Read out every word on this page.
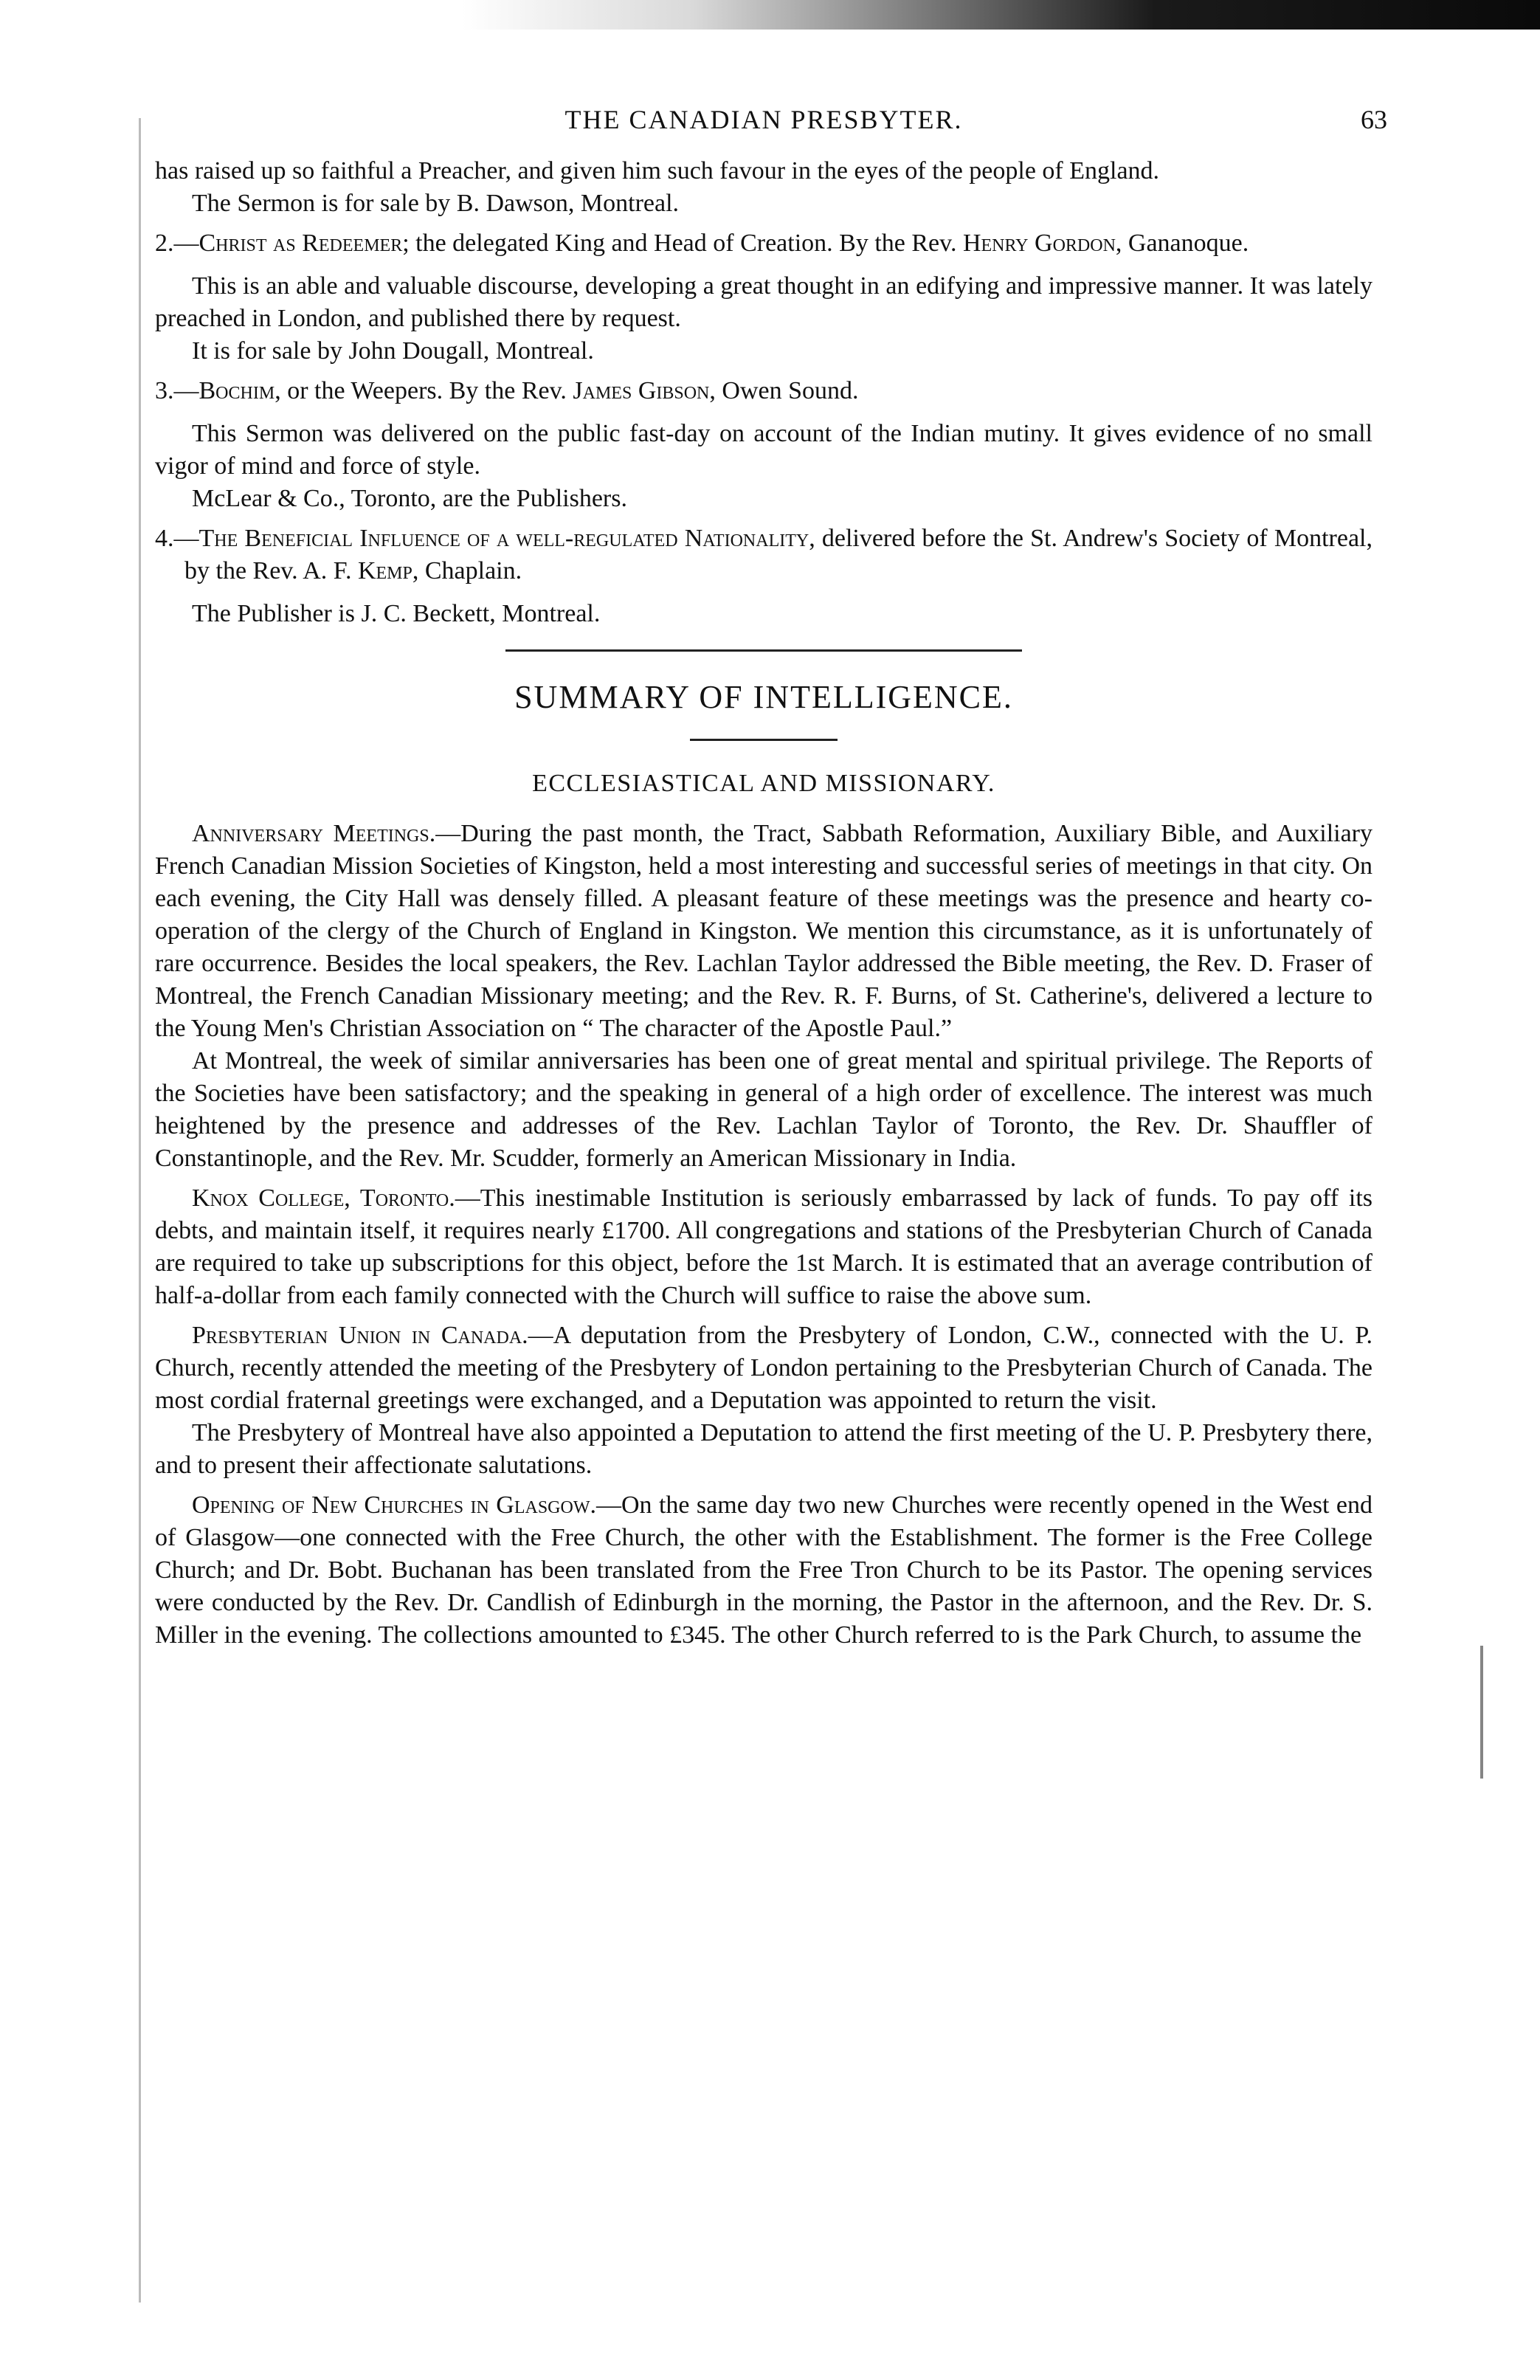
THE CANADIAN PRESBYTER.	63

has raised up so faithful a Preacher, and given him such favour in the eyes of the people of England.

The Sermon is for sale by B. Dawson, Montreal.

2.—Christ as Redeemer; the delegated King and Head of Creation. By the Rev. Henry Gordon, Gananoque.

This is an able and valuable discourse, developing a great thought in an edifying and impressive manner. It was lately preached in London, and published there by request.

It is for sale by John Dougall, Montreal.

3.—Bochim, or the Weepers. By the Rev. James Gibson, Owen Sound.

This Sermon was delivered on the public fast-day on account of the Indian mutiny. It gives evidence of no small vigor of mind and force of style.

McLear & Co., Toronto, are the Publishers.

4.—The Beneficial Influence of a well-regulated Nationality, delivered before the St. Andrew's Society of Montreal, by the Rev. A. F. Kemp, Chaplain.

The Publisher is J. C. Beckett, Montreal.

SUMMARY OF INTELLIGENCE.
ECCLESIASTICAL AND MISSIONARY.

Anniversary Meetings.—During the past month, the Tract, Sabbath Reformation, Auxiliary Bible, and Auxiliary French Canadian Mission Societies of Kingston, held a most interesting and successful series of meetings in that city. On each evening, the City Hall was densely filled. A pleasant feature of these meetings was the presence and hearty co-operation of the clergy of the Church of England in Kingston. We mention this circumstance, as it is unfortunately of rare occurrence. Besides the local speakers, the Rev. Lachlan Taylor addressed the Bible meeting, the Rev. D. Fraser of Montreal, the French Canadian Missionary meeting; and the Rev. R. F. Burns, of St. Catherine's, delivered a lecture to the Young Men's Christian Association on “ The character of the Apostle Paul.”

At Montreal, the week of similar anniversaries has been one of great mental and spiritual privilege. The Reports of the Societies have been satisfactory; and the speaking in general of a high order of excellence. The interest was much heightened by the presence and addresses of the Rev. Lachlan Taylor of Toronto, the Rev. Dr. Shauffler of Constantinople, and the Rev. Mr. Scudder, formerly an American Missionary in India.

Knox College, Toronto.—This inestimable Institution is seriously embarrassed by lack of funds. To pay off its debts, and maintain itself, it requires nearly £1700. All congregations and stations of the Presbyterian Church of Canada are required to take up subscriptions for this object, before the 1st March. It is estimated that an average contribution of half-a-dollar from each family connected with the Church will suffice to raise the above sum.

Presbyterian Union in Canada.—A deputation from the Presbytery of London, C.W., connected with the U. P. Church, recently attended the meeting of the Presbytery of London pertaining to the Presbyterian Church of Canada. The most cordial fraternal greetings were exchanged, and a Deputation was appointed to return the visit.

The Presbytery of Montreal have also appointed a Deputation to attend the first meeting of the U. P. Presbytery there, and to present their affectionate salutations.

Opening of New Churches in Glasgow.—On the same day two new Churches were recently opened in the West end of Glasgow—one connected with the Free Church, the other with the Establishment. The former is the Free College Church; and Dr. Bobt. Buchanan has been translated from the Free Tron Church to be its Pastor. The opening services were conducted by the Rev. Dr. Candlish of Edinburgh in the morning, the Pastor in the afternoon, and the Rev. Dr. S. Miller in the evening. The collections amounted to £345. The other Church referred to is the Park Church, to assume the
